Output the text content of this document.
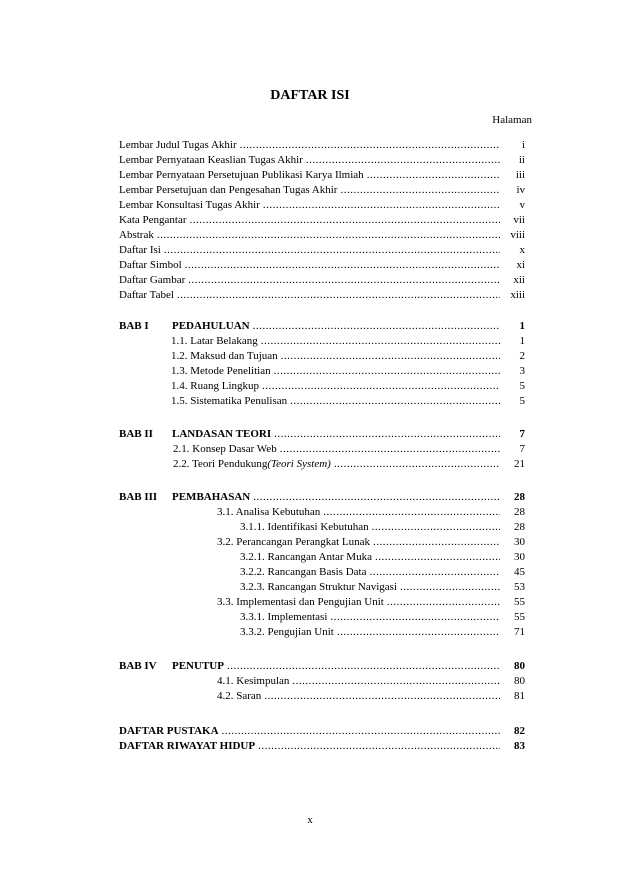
DAFTAR ISI
Halaman
Lembar Judul Tugas Akhir .....	i
Lembar Pernyataan Keaslian Tugas Akhir .....	ii
Lembar Pernyataan Persetujuan Publikasi Karya Ilmiah .....	iii
Lembar Persetujuan dan Pengesahan Tugas Akhir .....	iv
Lembar Konsultasi Tugas Akhir .....	v
Kata Pengantar .....	vii
Abstrak .....	viii
Daftar Isi .....	x
Daftar Simbol .....	xi
Daftar Gambar .....	xii
Daftar Tabel .....	xiii
BAB I	PEDAHULUAN .....	1
1.1. Latar Belakang .....	1
1.2. Maksud dan Tujuan .....	2
1.3. Metode Penelitian .....	3
1.4. Ruang Lingkup .....	5
1.5. Sistematika Penulisan .....	5
BAB II	LANDASAN TEORI .....	7
2.1. Konsep Dasar Web .....	7
2.2. Teori Pendukung (Teori System) .....	21
BAB III	PEMBAHASAN .....	28
3.1. Analisa Kebutuhan .....	28
3.1.1. Identifikasi Kebutuhan .....	28
3.2. Perancangan Perangkat Lunak .....	30
3.2.1. Rancangan Antar Muka .....	30
3.2.2. Rancangan Basis Data .....	45
3.2.3. Rancangan Struktur Navigasi .....	53
3.3. Implementasi dan Pengujian Unit .....	55
3.3.1. Implementasi .....	55
3.3.2. Pengujian Unit .....	71
BAB IV	PENUTUP .....	80
4.1. Kesimpulan .....	80
4.2. Saran .....	81
DAFTAR PUSTAKA .....	82
DAFTAR RIWAYAT HIDUP .....	83
x
